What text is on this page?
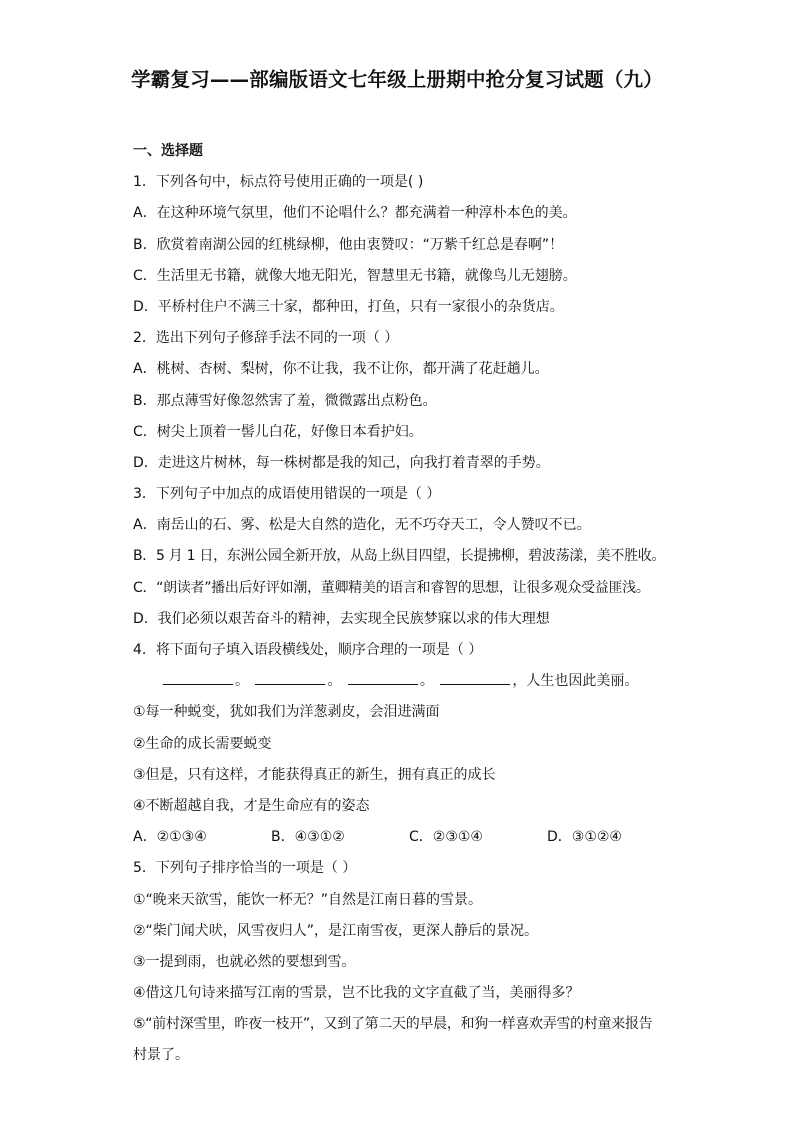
学霸复习——部编版语文七年级上册期中抢分复习试题（九）
一、选择题
1．下列各句中，标点符号使用正确的一项是( )
A．在这种环境气氛里，他们不论唱什么？都充满着一种淳朴本色的美。
B．欣赏着南湖公园的红桃绿柳，他由衷赞叹：“万紫千红总是春啊”！
C．生活里无书籍，就像大地无阳光，智慧里无书籍，就像鸟儿无翅膀。
D．平桥村住户不满三十家，都种田，打鱼，只有一家很小的杂货店。
2．选出下列句子修辞手法不同的一项（ ）
A．桃树、杏树、梨树，你不让我，我不让你，都开满了花赶趟儿。
B．那点薄雪好像忽然害了羞，微微露出点粉色。
C．树尖上顶着一髻儿白花，好像日本看护妇。
D．走进这片树林，每一株树都是我的知己，向我打着青翠的手势。
3．下列句子中加点的成语使用错误的一项是（ ）
A．南岳山的石、雾、松是大自然的造化，无不巧夺天工，令人赞叹不已。
B．5 月 1 日，东洲公园全新开放，从岛上纵目四望，长提拂柳，碧波荡漾，美不胜收。
C．“朗读者”播出后好评如潮，董卿精美的语言和睿智的思想，让很多观众受益匪浅。
D．我们必须以艰苦奋斗的精神，去实现全民族梦寐以求的伟大理想
4．将下面句子填入语段横线处，顺序合理的一项是（ ）
。	。	。	，人生也因此美丽。
①每一种蜕变，犹如我们为洋葱剥皮，会泪进满面
②生命的成长需要蜕变
③但是，只有这样，才能获得真正的新生，拥有真正的成长
④不断超越自我，才是生命应有的姿态
A．②①③④	B．④③①②	C．②③①④	D．③①②④
5．下列句子排序恰当的一项是（ ）
①“晚来天欲雪，能饮一杯无？”自然是江南日暮的雪景。
②“柴门闻犬吠，风雪夜归人”，是江南雪夜，更深人静后的景况。
③一提到雨，也就必然的要想到雪。
④借这几句诗来描写江南的雪景，岂不比我的文字直截了当，美丽得多？
⑤“前村深雪里，昨夜一枝开”，又到了第二天的早晨，和狗一样喜欢弄雪的村童来报告
村景了。
